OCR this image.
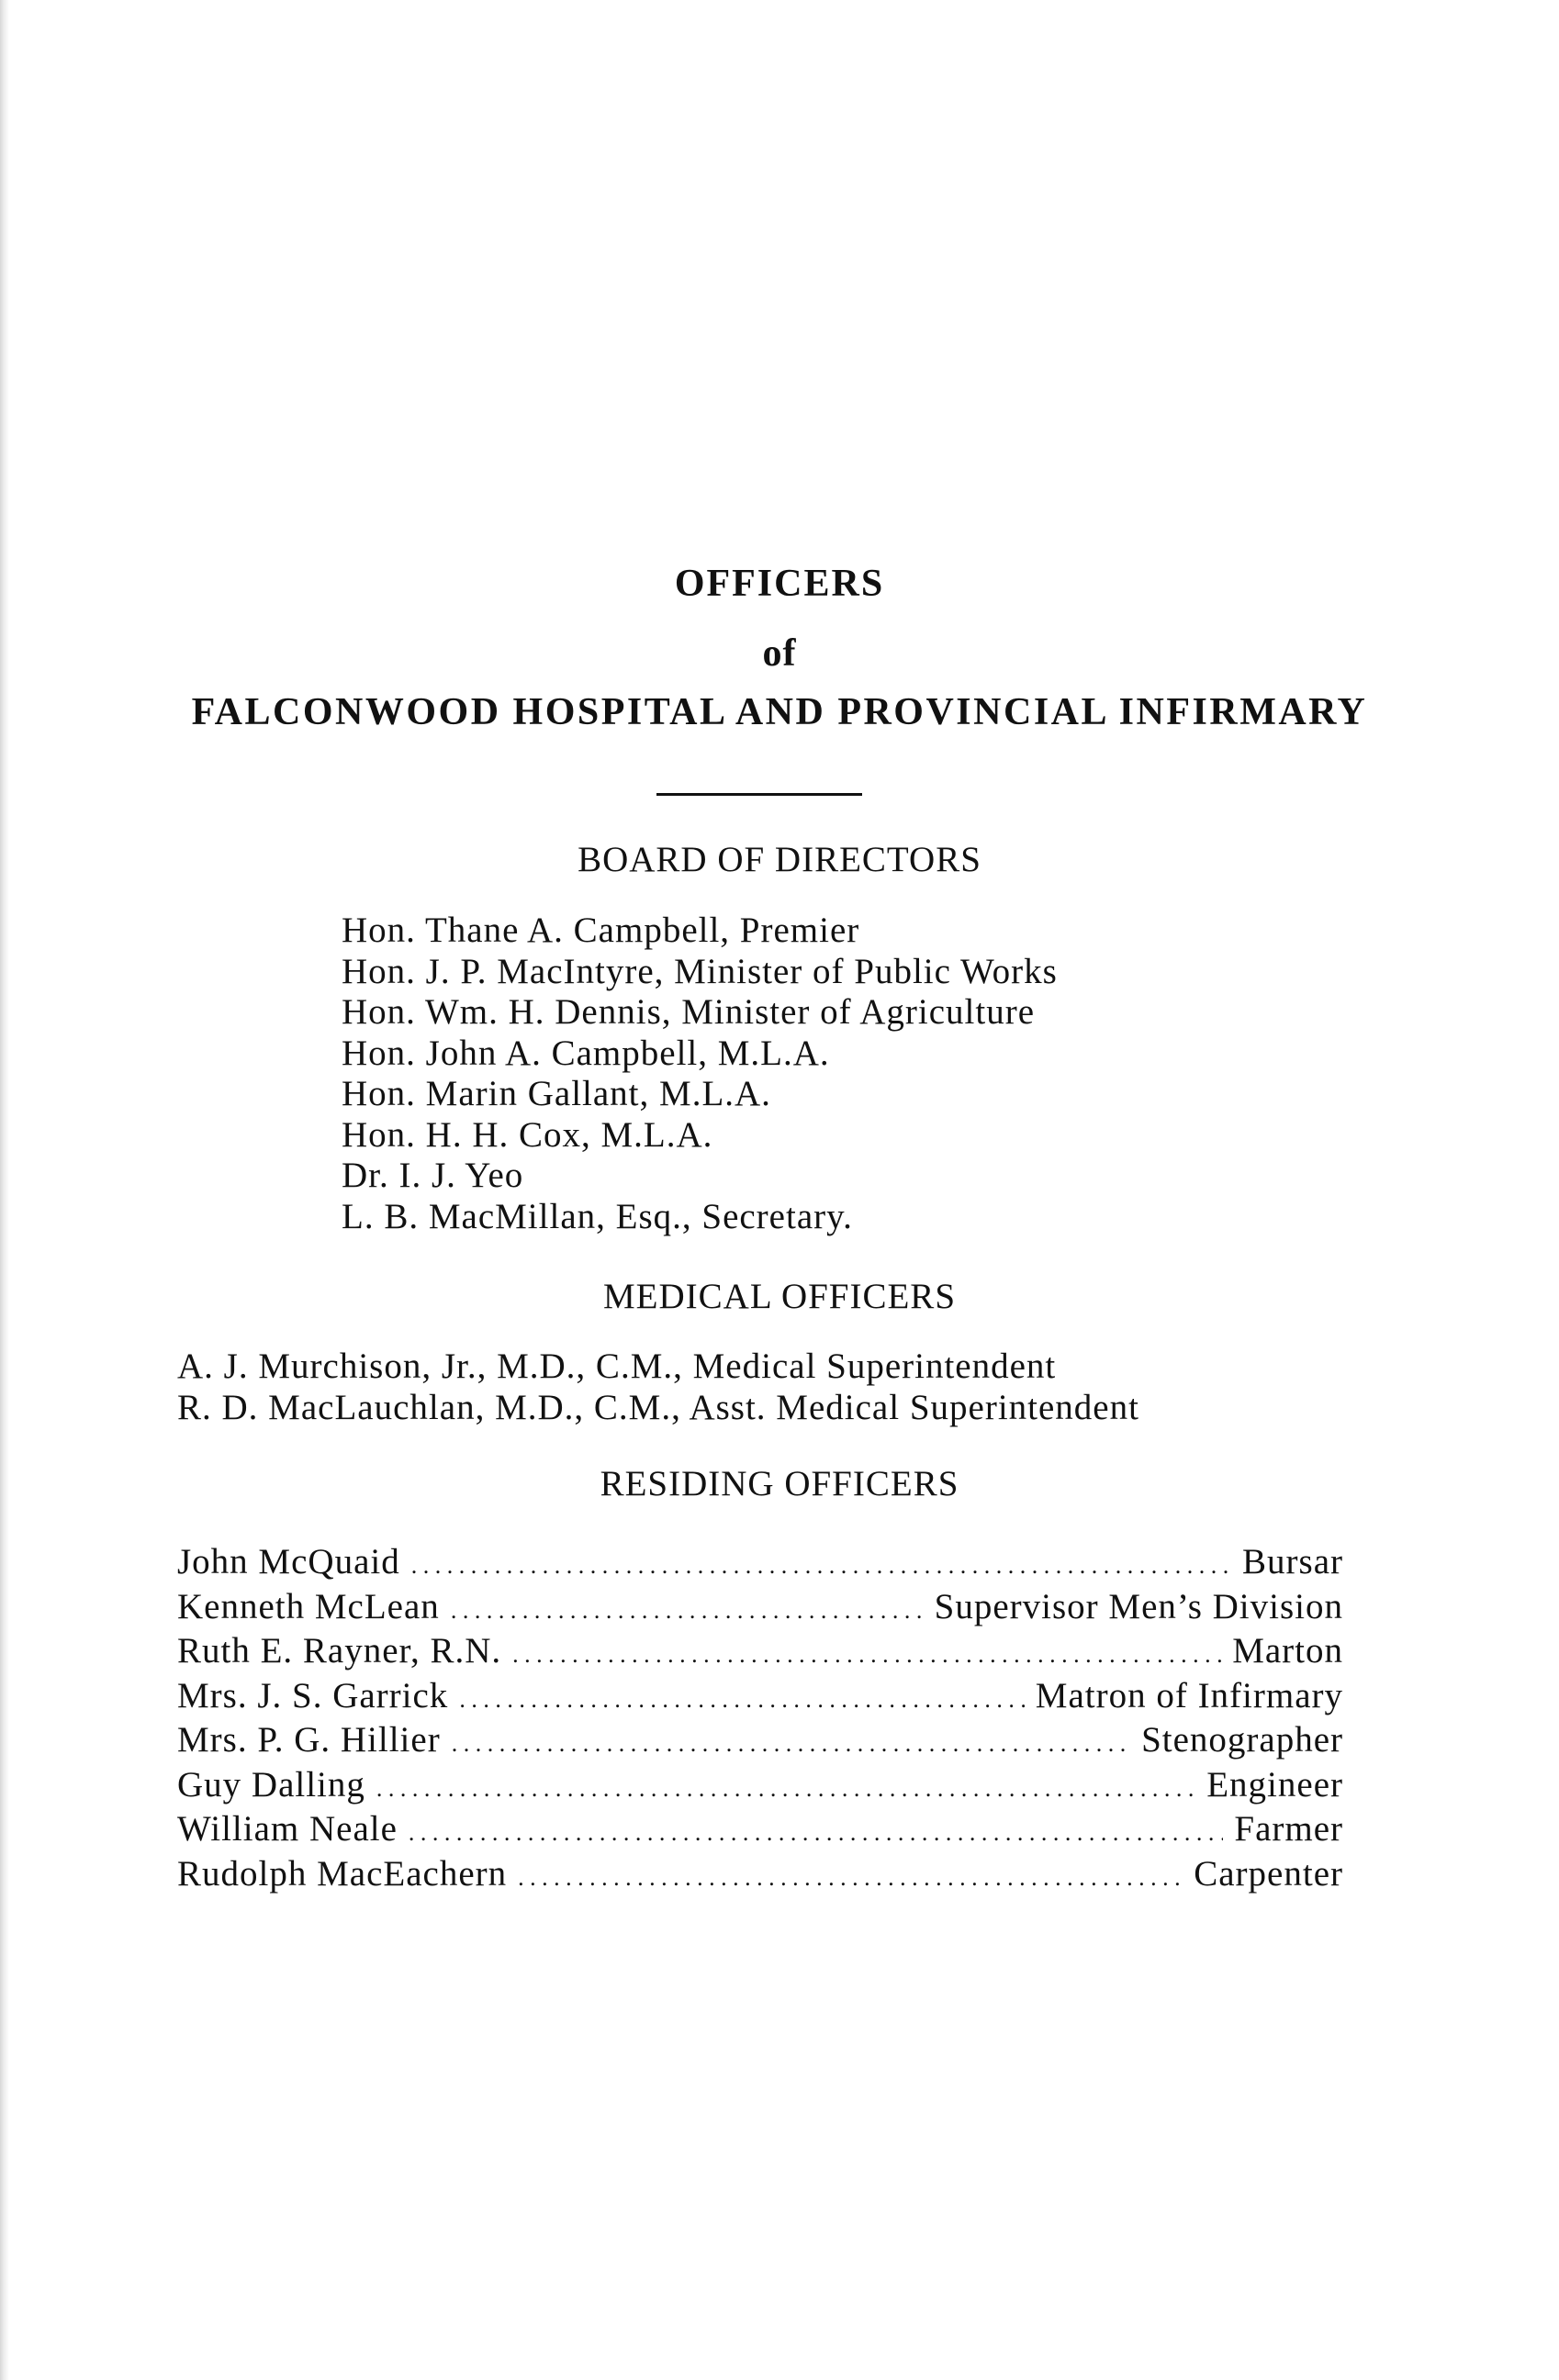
OFFICERS
of
FALCONWOOD HOSPITAL AND PROVINCIAL INFIRMARY
BOARD OF DIRECTORS
Hon. Thane A. Campbell, Premier
Hon. J. P. MacIntyre, Minister of Public Works
Hon. Wm. H. Dennis, Minister of Agriculture
Hon. John A. Campbell, M.L.A.
Hon. Marin Gallant, M.L.A.
Hon. H. H. Cox, M.L.A.
Dr. I. J. Yeo
L. B. MacMillan, Esq., Secretary.
MEDICAL OFFICERS
A. J. Murchison, Jr., M.D., C.M., Medical Superintendent
R. D. MacLauchlan, M.D., C.M., Asst. Medical Superintendent
RESIDING OFFICERS
John McQuaid . . .	Bursar
Kenneth McLean . . .	Supervisor Men’s Division
Ruth E. Rayner, R.N. . . .	Marton
Mrs. J. S. Garrick . . .	Matron of Infirmary
Mrs. P. G. Hillier . . .	Stenographer
Guy Dalling . . .	Engineer
William Neale . . .	Farmer
Rudolph MacEachern . . .	Carpenter
